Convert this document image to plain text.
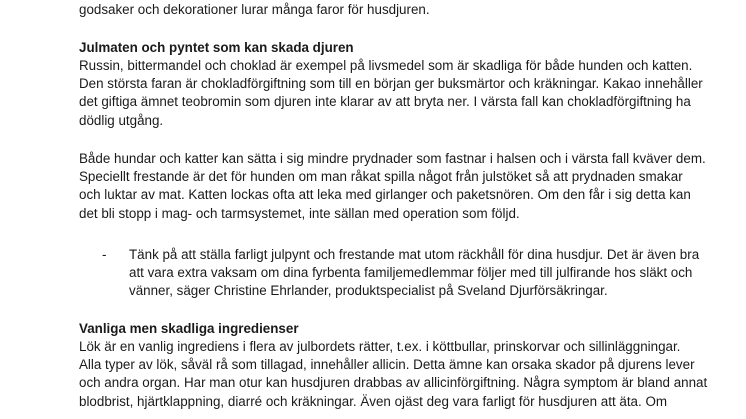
godsaker och dekorationer lurar många faror för husdjuren.
Julmaten och pyntet som kan skada djuren
Russin, bittermandel och choklad är exempel på livsmedel som är skadliga för både hunden och katten.
Den största faran är chokladförgiftning som till en början ger buksmärtor och kräkningar. Kakao innehåller
det giftiga ämnet teobromin som djuren inte klarar av att bryta ner. I värsta fall kan chokladförgiftning ha
dödlig utgång.
Både hundar och katter kan sätta i sig mindre prydnader som fastnar i halsen och i värsta fall kväver dem.
Speciellt frestande är det för hunden om man råkat spilla något från julstöket så att prydnaden smakar
och luktar av mat. Katten lockas ofta att leka med girlanger och paketsnören. Om den får i sig detta kan
det bli stopp i mag- och tarmsystemet, inte sällan med operation som följd.
- Tänk på att ställa farligt julpynt och frestande mat utom räckhåll för dina husdjur. Det är även bra
att vara extra vaksam om dina fyrbenta familjemedlemmar följer med till julfirande hos släkt och
vänner, säger Christine Ehrlander, produktspecialist på Sveland Djurförsäkringar.
Vanliga men skadliga ingredienser
Lök är en vanlig ingrediens i flera av julbordets rätter, t.ex. i köttbullar, prinskorvar och sillinläggningar.
Alla typer av lök, såväl rå som tillagad, innehåller allicin. Detta ämne kan orsaka skador på djurens lever
och andra organ. Har man otur kan husdjuren drabbas av allicinförgiftning. Några symptom är bland annat
blodbrist, hjärtklappning, diarré och kräkningar. Även ojäst deg vara farligt för husdjuren att äta. Om
